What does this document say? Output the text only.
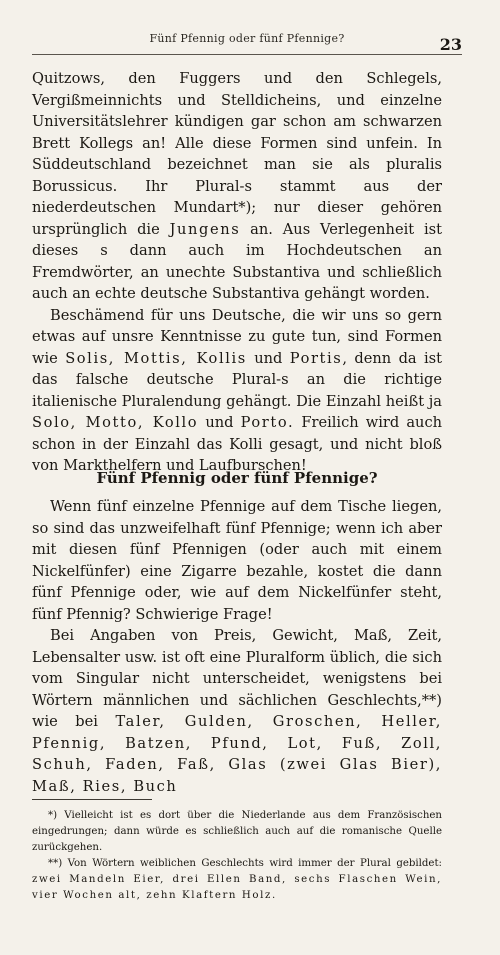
Fünf Pfennig oder fünf Pfennige?	23

Quitzows, den Fuggers und den Schlegels, Vergißmeinnichts und Stelldicheins, und einzelne Universitätslehrer kündigen gar schon am schwarzen Brett Kollegs an! Alle diese Formen sind unfein. In Süddeutschland bezeichnet man sie als pluralis Borussicus. Ihr Plural-s stammt aus der niederdeutschen Mundart*); nur dieser gehören ursprünglich die Jungens an. Aus Verlegenheit ist dieses s dann auch im Hochdeutschen an Fremdwörter, an unechte Substantiva und schließlich auch an echte deutsche Substantiva gehängt worden.

Beschämend für uns Deutsche, die wir uns so gern etwas auf unsre Kenntnisse zu gute tun, sind Formen wie Solis, Mottis, Kollis und Portis, denn da ist das falsche deutsche Plural-s an die richtige italienische Pluralendung gehängt. Die Einzahl heißt ja Solo, Motto, Kollo und Porto. Freilich wird auch schon in der Einzahl das Kolli gesagt, und nicht bloß von Markthelfern und Laufburschen!

Fünf Pfennig oder fünf Pfennige?

Wenn fünf einzelne Pfennige auf dem Tische liegen, so sind das unzweifelhaft fünf Pfennige; wenn ich aber mit diesen fünf Pfennigen (oder auch mit einem Nickelfünfer) eine Zigarre bezahle, kostet die dann fünf Pfennige oder, wie auf dem Nickelfünfer steht, fünf Pfennig? Schwierige Frage!

Bei Angaben von Preis, Gewicht, Maß, Zeit, Lebensalter usw. ist oft eine Pluralform üblich, die sich vom Singular nicht unterscheidet, wenigstens bei Wörtern männlichen und sächlichen Geschlechts,**) wie bei Taler, Gulden, Groschen, Heller, Pfennig, Batzen, Pfund, Lot, Fuß, Zoll, Schuh, Faden, Faß, Glas (zwei Glas Bier), Maß, Ries, Buch

*) Vielleicht ist es dort über die Niederlande aus dem Französischen eingedrungen; dann würde es schließlich auch auf die romanische Quelle zurückgehen.

**) Von Wörtern weiblichen Geschlechts wird immer der Plural gebildet: zwei Mandeln Eier, drei Ellen Band, sechs Flaschen Wein, vier Wochen alt, zehn Klaftern Holz.
